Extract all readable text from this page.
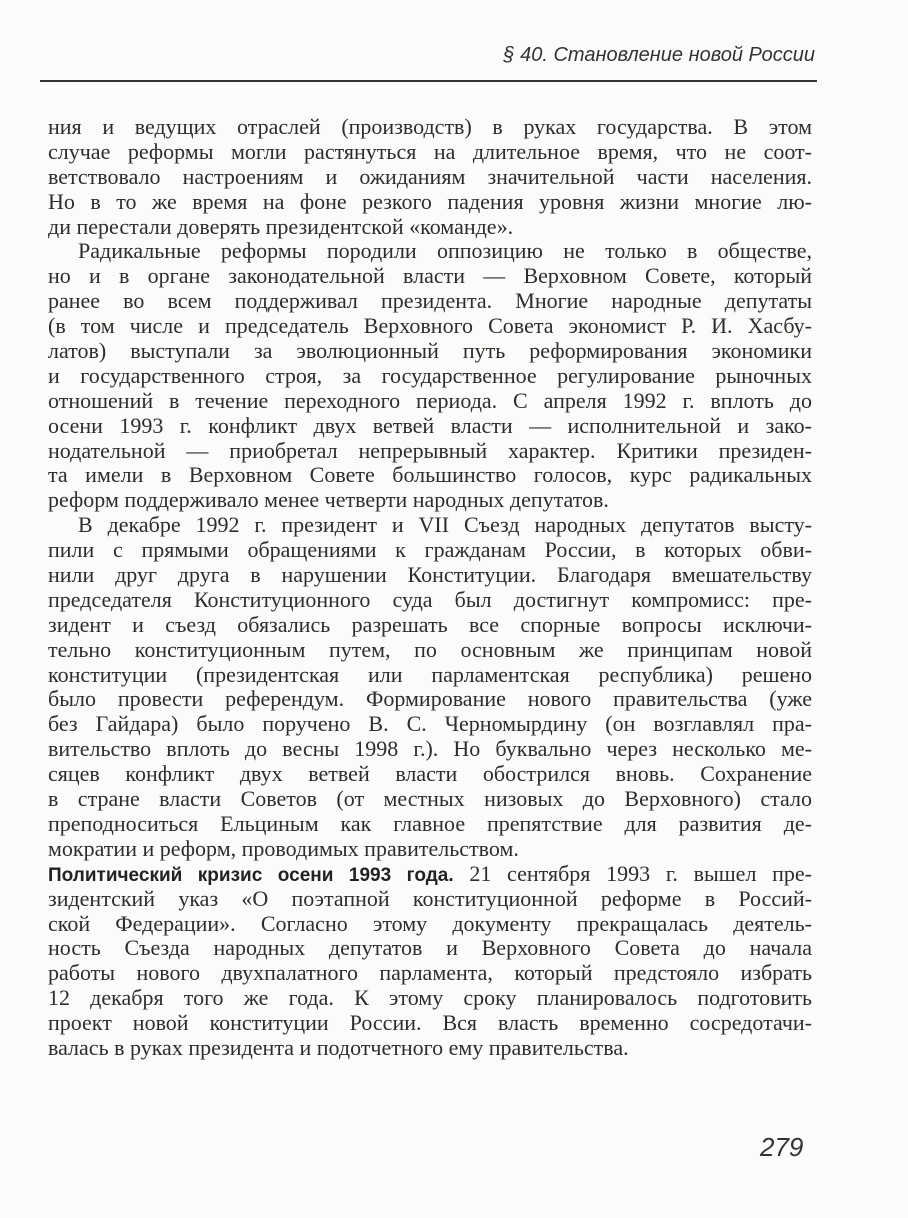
§ 40. Становление новой России
ния и ведущих отраслей (производств) в руках государства. В этом
случае реформы могли растянуться на длительное время, что не соот-
ветствовало настроениям и ожиданиям значительной части населения.
Но в то же время на фоне резкого падения уровня жизни многие лю-
ди перестали доверять президентской «команде».
Радикальные реформы породили оппозицию не только в обществе,
но и в органе законодательной власти — Верховном Совете, который
ранее во всем поддерживал президента. Многие народные депутаты
(в том числе и председатель Верховного Совета экономист Р. И. Хасбу-
латов) выступали за эволюционный путь реформирования экономики
и государственного строя, за государственное регулирование рыночных
отношений в течение переходного периода. С апреля 1992 г. вплоть до
осени 1993 г. конфликт двух ветвей власти — исполнительной и зако-
нодательной — приобретал непрерывный характер. Критики президен-
та имели в Верховном Совете большинство голосов, курс радикальных
реформ поддерживало менее четверти народных депутатов.
В декабре 1992 г. президент и VII Съезд народных депутатов высту-
пили с прямыми обращениями к гражданам России, в которых обви-
нили друг друга в нарушении Конституции. Благодаря вмешательству
председателя Конституционного суда был достигнут компромисс: пре-
зидент и съезд обязались разрешать все спорные вопросы исключи-
тельно конституционным путем, по основным же принципам новой
конституции (президентская или парламентская республика) решено
было провести референдум. Формирование нового правительства (уже
без Гайдара) было поручено В. С. Черномырдину (он возглавлял пра-
вительство вплоть до весны 1998 г.). Но буквально через несколько ме-
сяцев конфликт двух ветвей власти обострился вновь. Сохранение
в стране власти Советов (от местных низовых до Верховного) стало
преподноситься Ельциным как главное препятствие для развития де-
мократии и реформ, проводимых правительством.
Политический кризис осени 1993 года. 21 сентября 1993 г. вышел пре-
зидентский указ «О поэтапной конституционной реформе в Россий-
ской Федерации». Согласно этому документу прекращалась деятель-
ность Съезда народных депутатов и Верховного Совета до начала
работы нового двухпалатного парламента, который предстояло избрать
12 декабря того же года. К этому сроку планировалось подготовить
проект новой конституции России. Вся власть временно сосредотачи-
валась в руках президента и подотчетного ему правительства.
279
